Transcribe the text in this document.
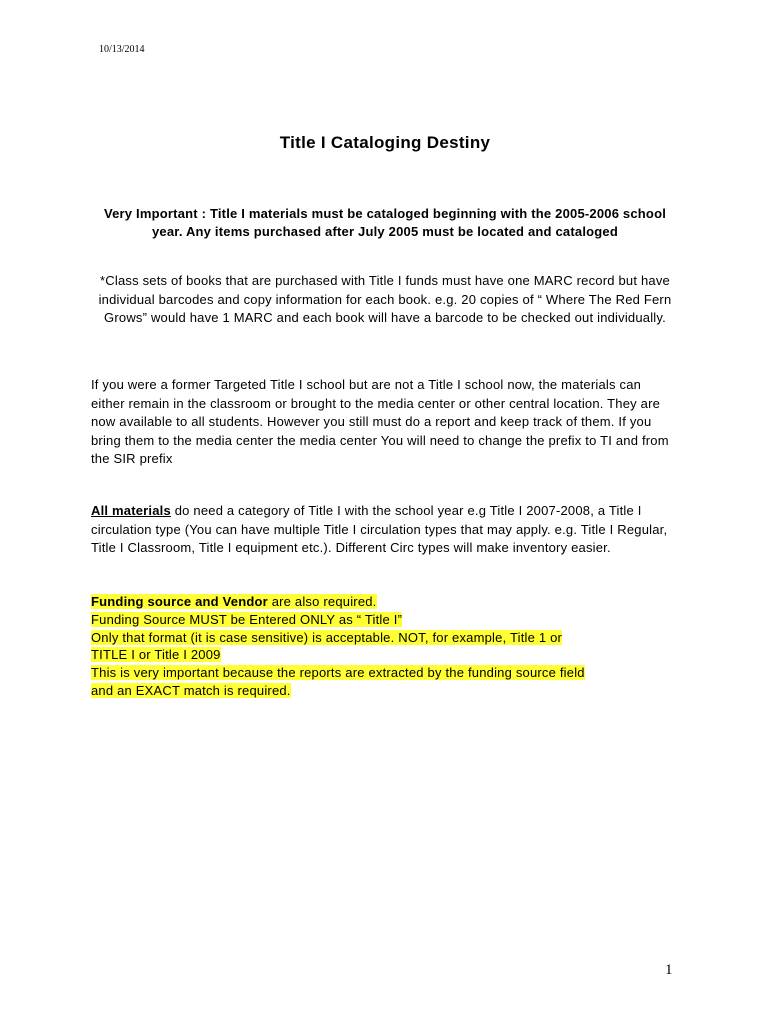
10/13/2014
Title I Cataloging Destiny
Very Important : Title I materials must be cataloged beginning with the 2005-2006 school year. Any items purchased after July 2005 must be located and cataloged
*Class sets of books that are purchased with Title I funds must have one MARC record but have individual barcodes and copy information for each book. e.g. 20 copies of “ Where The Red Fern Grows” would have 1 MARC and each book will have a barcode to be checked out individually.
If you were a former Targeted Title I school but are not a Title I school now, the materials can either remain in the classroom or brought to the media center or other central location. They are now available to all students. However you still must do a report and keep track of them. If you bring them to the media center the media center You will need to change the prefix to TI and from the SIR prefix
All materials do need a category of Title I with the school year e.g Title I 2007-2008, a Title I circulation type (You can have multiple Title I circulation types that may apply. e.g. Title I Regular, Title I Classroom, Title I equipment etc.). Different Circ types will make inventory easier.
Funding source and Vendor are also required.
Funding Source MUST be Entered ONLY as “ Title I”
Only that format (it is case sensitive) is acceptable. NOT, for example, Title 1 or
TITLE I or Title I 2009
This is very important because the reports are extracted by the funding source field
and an EXACT match is required.
1
